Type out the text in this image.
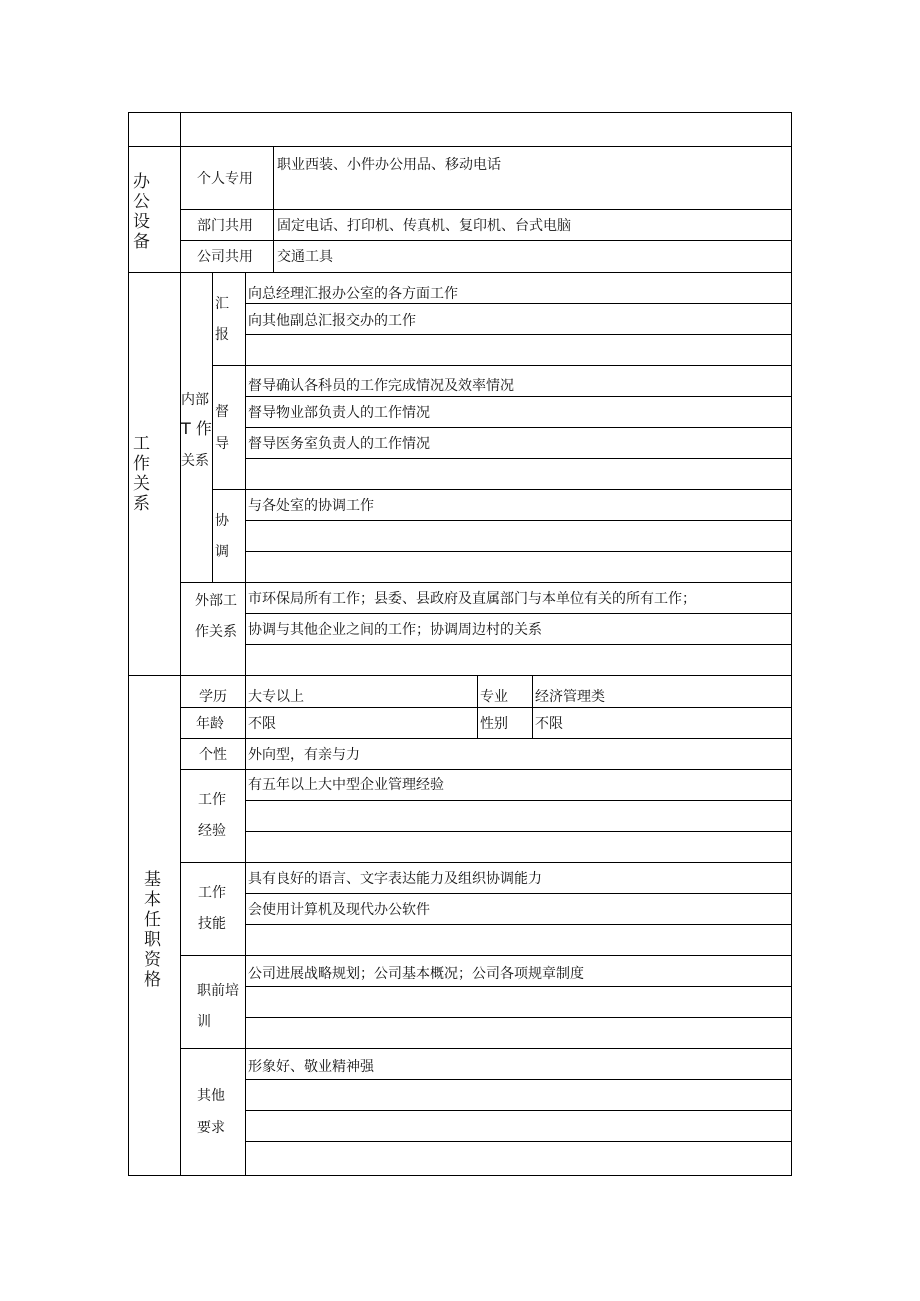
办
公
设
备
个人专用
职业西装、小件办公用品、移动电话
部门共用 固定电话、打印机、传真机、复印机、台式电脑
公司共用 交通工具
工
作
关
系
内部
T 作
关系
汇
报
向总经理汇报办公室的各方面工作
向其他副总汇报交办的工作
督
导
督导确认各科员的工作完成情况及效率情况
督导物业部负责人的工作情况
督导医务室负责人的工作情况
协
调
与各处室的协调工作
外部工
作关系
市环保局所有工作；县委、县政府及直属部门与本单位有关的所有工作；
协调与其他企业之间的工作；协调周边村的关系
基
本
任
职
资
格
学历 大专以上	专业 经济管理类
年龄 不限	性别 不限
个性 外向型，有亲与力
工作
经验
有五年以上大中型企业管理经验
工作
技能
具有良好的语言、文字表达能力及组织协调能力
会使用计算机及现代办公软件
职前培
训
公司进展战略规划；公司基本概况；公司各项规章制度
其他
要求
形象好、敬业精神强
